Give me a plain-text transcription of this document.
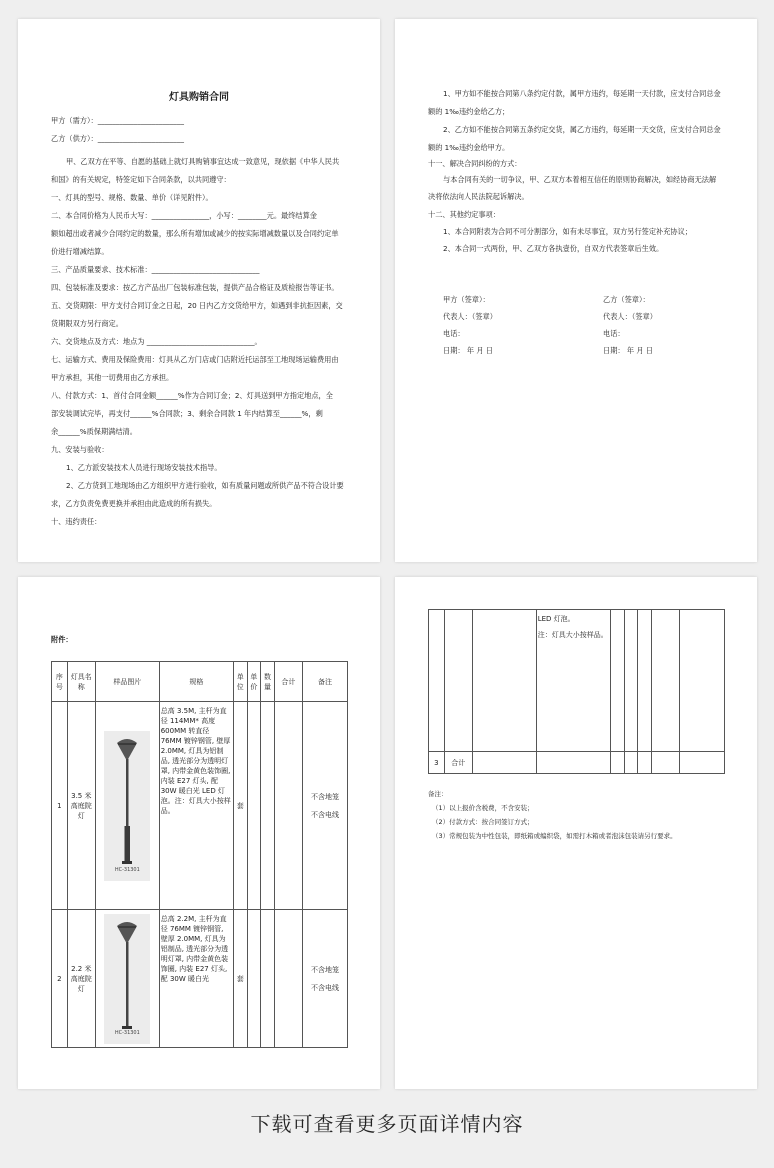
灯具购销合同
甲方（需方）：________________________
乙方（供方）：________________________
甲、乙双方在平等、自愿的基础上就灯具购销事宜达成一致意见，现依据《中华人民共
和国》的有关规定，特签定如下合同条款，以共同遵守：
一、灯具的型号、规格、数量、单价（详见附件）。
二、本合同价格为人民币大写：________________，小写：________元。最终结算金
额如超出或者减少合同约定的数量，那么所有增加或减少的按实际增减数量以及合同约定单
价进行增减结算。
三、产品质量要求、技术标准：______________________________
四、包装标准及要求：按乙方产品出厂包装标准包装，提供产品合格证及质检报告等证书。
五、交货期限：甲方支付合同订金之日起，20 日内乙方交货给甲方，如遇到非抗拒因素，交
货期限双方另行商定。
六、交货地点及方式：地点为 ______________________________。
七、运输方式、费用及保险费用：灯具从乙方门店或门店附近托运部至工地现场运输费用由
甲方承担，其他一切费用由乙方承担。
八、付款方式：1、首付合同金额______%作为合同订金；2、灯具送到甲方指定地点，全
部安装调试完毕，再支付______%合同款；3、剩余合同款 1 年内结算至______%，剩
余______%质保期满结清。
九、安装与验收：
1、乙方派安装技术人员进行现场安装技术指导。
2、乙方货到工地现场由乙方组织甲方进行验收，如有质量问题或所供产品不符合设计要
求，乙方负责免费更换并承担由此造成的所有损失。
十、违约责任：
1、甲方如不能按合同第八条约定付款，属甲方违约，每延期一天付款，应支付合同总金
额的 1‰违约金给乙方；
2、乙方如不能按合同第五条约定交货，属乙方违约，每延期一天交货，应支付合同总金
额的 1‰违约金给甲方。
十一、解决合同纠纷的方式：
与本合同有关的一切争议，甲、乙双方本着相互信任的原则协商解决，如经协商无法解
决将依法向人民法院起诉解决。
十二、其他约定事项：
1、本合同附表为合同不可分割部分，如有未尽事宜，双方另行签定补充协议；
2、本合同一式两份，甲、乙双方各执壹份，自双方代表签章后生效。
甲方（签章）：	乙方（签章）：
代表人：（签章）	代表人：（签章）
电话：	电话：
日期： 年 月 日	日期： 年 月 日
附件：
序号	灯具名称	样品图片	规格	单位	单价	数量	合计	备注
1	3.5 米高庭院灯	HC-31301	总高 3.5M, 主杆为直径 114MM* 高度 600MM 转直径 76MM 镀锌钢管, 壁厚 2.0MM, 灯具为铝制品, 透光部分为透明灯罩, 内带金黄色装饰圈, 内装 E27 灯头, 配 30W 暖白光 LED 灯泡。注：灯具大小按样品。	套				不含地笼
不含电线

2	2.2 米高庭院灯	HC-31301	总高 2.2M, 主杆为直径 76MM 镀锌钢管, 壁厚 2.0MM, 灯具为铝制品, 透光部分为透明灯罩, 内带金黄色装饰圈, 内装 E27 灯头, 配 30W 暖白光	套				不含地笼
不含电线

			LED 灯泡。
注：灯具大小按样品。					

3	合计							
备注：
（1）以上报价含税费，不含安装；
（2）付款方式：按合同签订方式；
（3）常规包装为中性包装，即纸箱或编织袋，如需打木箱或者泡沫包装请另行要求。
下载可查看更多页面详情内容
